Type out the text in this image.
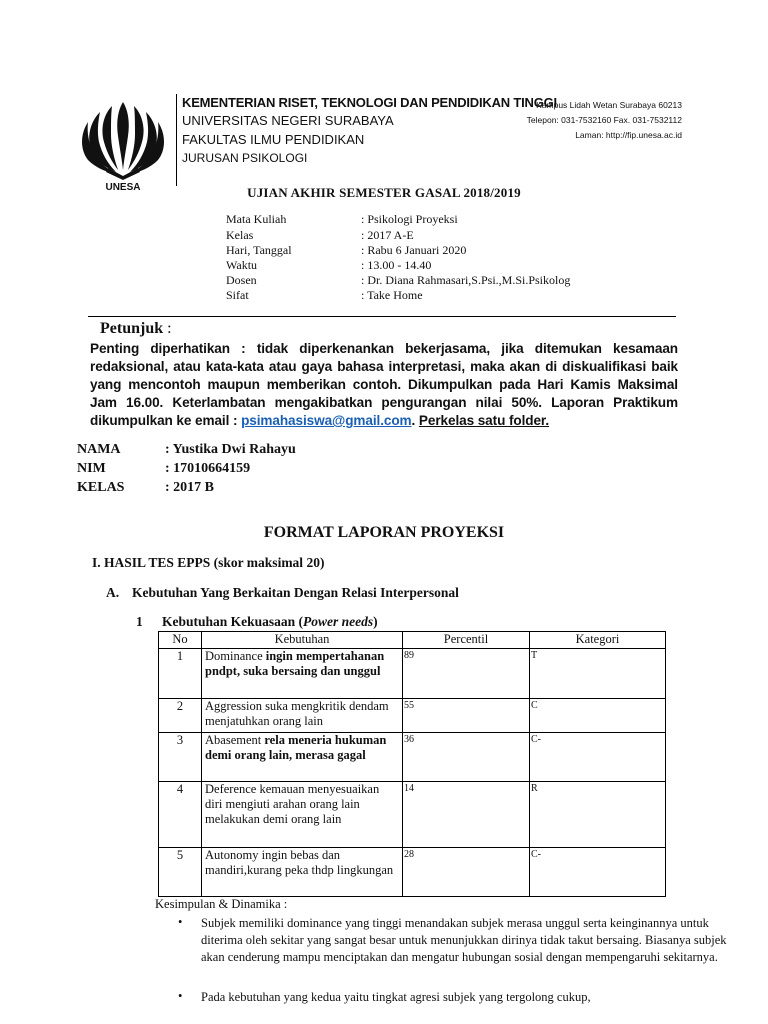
UNESA
KEMENTERIAN RISET, TEKNOLOGI DAN PENDIDIKAN TINGGI
UNIVERSITAS NEGERI SURABAYA
FAKULTAS ILMU PENDIDIKAN
JURUSAN PSIKOLOGI
Kampus Lidah Wetan Surabaya 60213
Telepon: 031-7532160 Fax. 031-7532112
Laman: http://fip.unesa.ac.id
UJIAN AKHIR SEMESTER GASAL 2018/2019
Mata Kuliah	: Psikologi Proyeksi
Kelas	: 2017 A-E
Hari, Tanggal	: Rabu 6 Januari 2020
Waktu	: 13.00 - 14.40
Dosen	: Dr. Diana Rahmasari,S.Psi.,M.Si.Psikolog
Sifat	: Take Home
Petunjuk :
Penting diperhatikan : tidak diperkenankan bekerjasama, jika ditemukan kesamaan redaksional, atau kata-kata atau gaya bahasa interpretasi, maka akan di diskualifikasi baik yang mencontoh maupun memberikan contoh. Dikumpulkan pada Hari Kamis Maksimal Jam 16.00. Keterlambatan mengakibatkan pengurangan nilai 50%. Laporan Praktikum dikumpulkan ke email : psimahasiswa@gmail.com. Perkelas satu folder.
NAMA	: Yustika Dwi Rahayu
NIM	: 17010664159
KELAS	: 2017 B
FORMAT LAPORAN PROYEKSI
I. HASIL TES EPPS (skor maksimal 20)
A. Kebutuhan Yang Berkaitan Dengan Relasi Interpersonal
1 Kebutuhan Kekuasaan (Power needs)
No	Kebutuhan	Percentil	Kategori
1	Dominance ingin mempertahanan pndpt, suka bersaing dan unggul	89	T
2	Aggression suka mengkritik dendam menjatuhkan orang lain	55	C
3	Abasement rela meneria hukuman demi orang lain, merasa gagal	36	C-
4	Deference kemauan menyesuaikan diri mengiuti arahan orang lain melakukan demi orang lain	14	R
5	Autonomy ingin bebas dan mandiri,kurang peka thdp lingkungan	28	C-
Kesimpulan & Dinamika :
• Subjek memiliki dominance yang tinggi menandakan subjek merasa unggul serta keinginannya untuk diterima oleh sekitar yang sangat besar untuk menunjukkan dirinya tidak takut bersaing. Biasanya subjek akan cenderung mampu menciptakan dan mengatur hubungan sosial dengan mempengaruhi sekitarnya.
• Pada kebutuhan yang kedua yaitu tingkat agresi subjek yang tergolong cukup,
